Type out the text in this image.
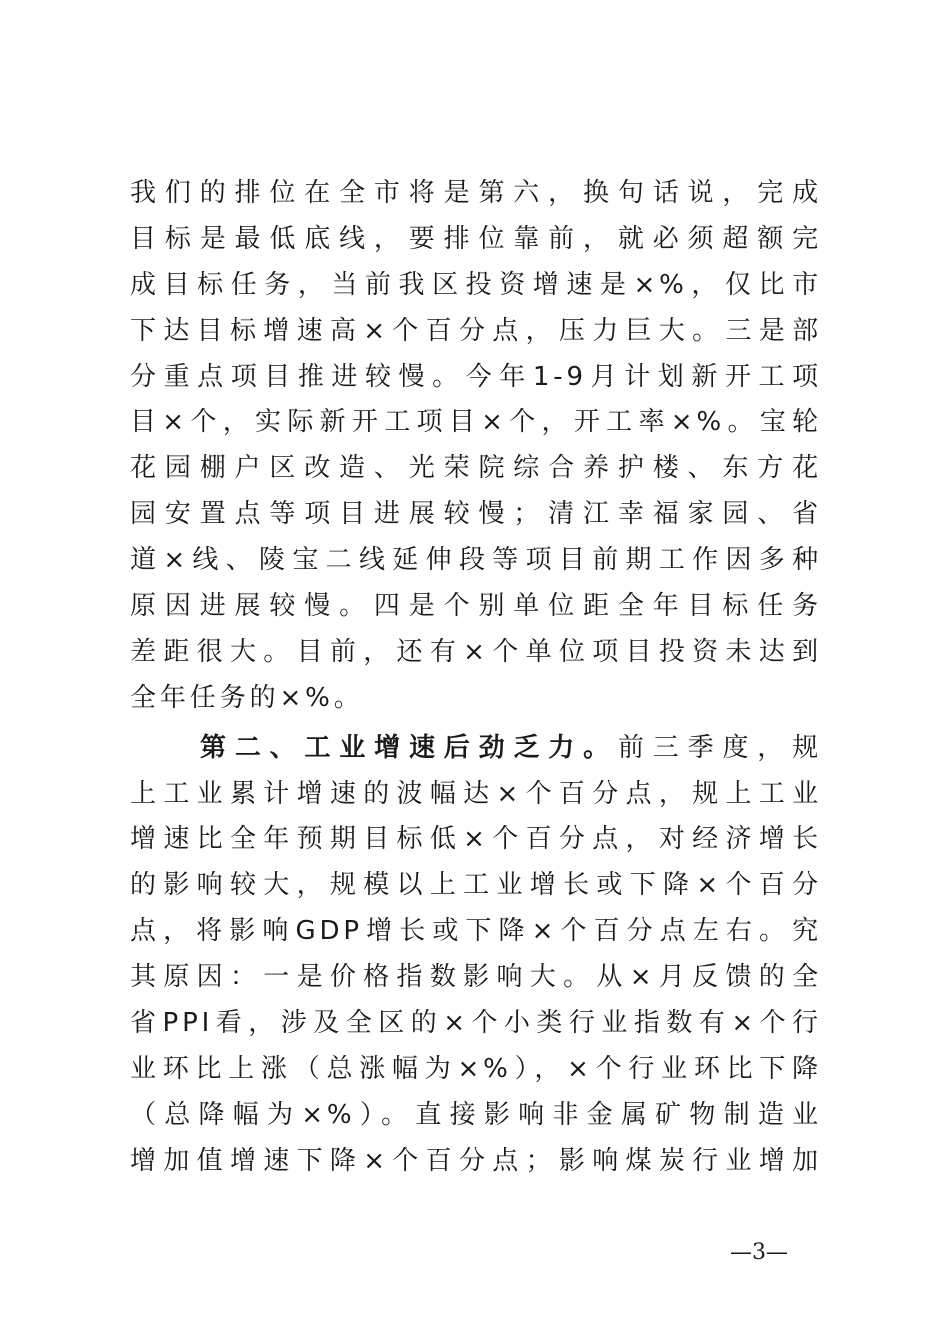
我们的排位在全市将是第六，换句话说，完成
目标是最低底线，要排位靠前，就必须超额完
成目标任务，当前我区投资增速是×%，仅比市
下达目标增速高×个百分点，压力巨大。三是部
分重点项目推进较慢。今年1-9月计划新开工项
目×个，实际新开工项目×个，开工率×%。宝轮
花园棚户区改造、光荣院综合养护楼、东方花
园安置点等项目进展较慢；清江幸福家园、省
道×线、陵宝二线延伸段等项目前期工作因多种
原因进展较慢。四是个别单位距全年目标任务
差距很大。目前，还有×个单位项目投资未达到
全年任务的×%。
第二、工业增速后劲乏力。前三季度，规
上工业累计增速的波幅达×个百分点，规上工业
增速比全年预期目标低×个百分点，对经济增长
的影响较大，规模以上工业增长或下降×个百分
点，将影响GDP增长或下降×个百分点左右。究
其原因：一是价格指数影响大。从×月反馈的全
省PPI看，涉及全区的×个小类行业指数有×个行
业环比上涨（总涨幅为×%），×个行业环比下降
（总降幅为×%）。直接影响非金属矿物制造业
增加值增速下降×个百分点；影响煤炭行业增加
—3—
